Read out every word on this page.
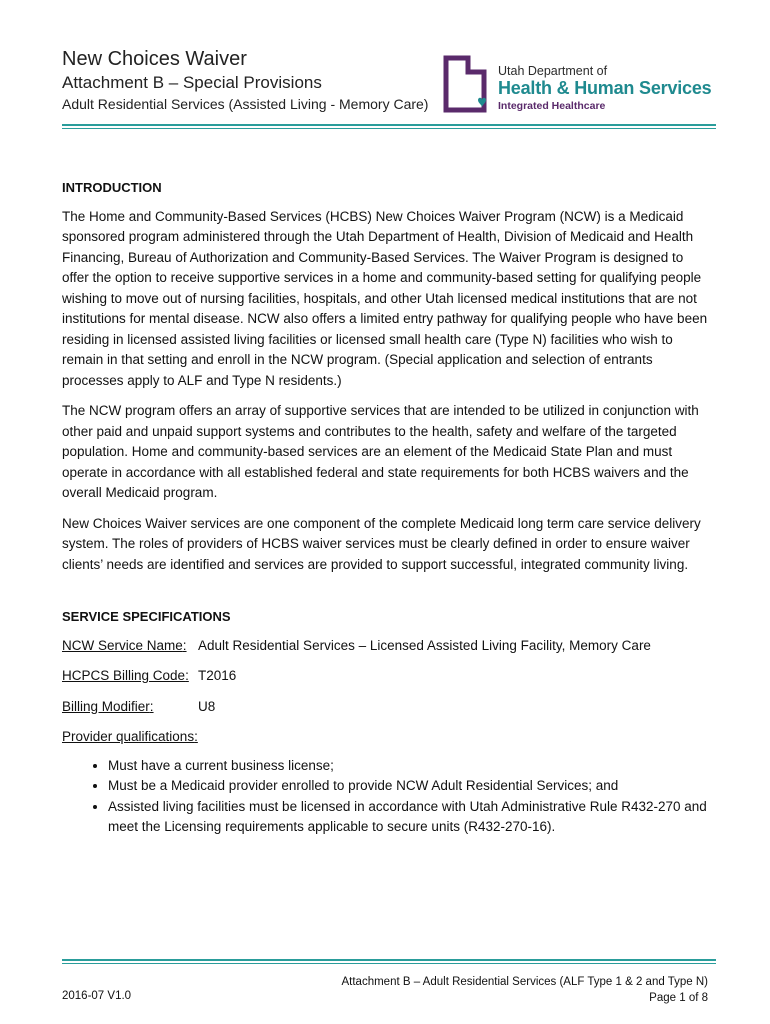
New Choices Waiver
Attachment B – Special Provisions
Adult Residential Services (Assisted Living - Memory Care)
Utah Department of
Health & Human Services
Integrated Healthcare
INTRODUCTION

The Home and Community-Based Services (HCBS) New Choices Waiver Program (NCW) is a Medicaid sponsored program administered through the Utah Department of Health, Division of Medicaid and Health Financing, Bureau of Authorization and Community-Based Services. The Waiver Program is designed to offer the option to receive supportive services in a home and community-based setting for qualifying people wishing to move out of nursing facilities, hospitals, and other Utah licensed medical institutions that are not institutions for mental disease. NCW also offers a limited entry pathway for qualifying people who have been residing in licensed assisted living facilities or licensed small health care (Type N) facilities who wish to remain in that setting and enroll in the NCW program. (Special application and selection of entrants processes apply to ALF and Type N residents.)

The NCW program offers an array of supportive services that are intended to be utilized in conjunction with other paid and unpaid support systems and contributes to the health, safety and welfare of the targeted population. Home and community-based services are an element of the Medicaid State Plan and must operate in accordance with all established federal and state requirements for both HCBS waivers and the overall Medicaid program.

New Choices Waiver services are one component of the complete Medicaid long term care service delivery system. The roles of providers of HCBS waiver services must be clearly defined in order to ensure waiver clients’ needs are identified and services are provided to support successful, integrated community living.

SERVICE SPECIFICATIONS
NCW Service Name: Adult Residential Services – Licensed Assisted Living Facility, Memory Care
HCPCS Billing Code: T2016
Billing Modifier:	U8
Provider qualifications:
• Must have a current business license;
• Must be a Medicaid provider enrolled to provide NCW Adult Residential Services; and
• Assisted living facilities must be licensed in accordance with Utah Administrative Rule R432-270 and meet the Licensing requirements applicable to secure units (R432-270-16).
Attachment B – Adult Residential Services (ALF Type 1 & 2 and Type N)
Page 1 of 8
2016-07 V1.0
